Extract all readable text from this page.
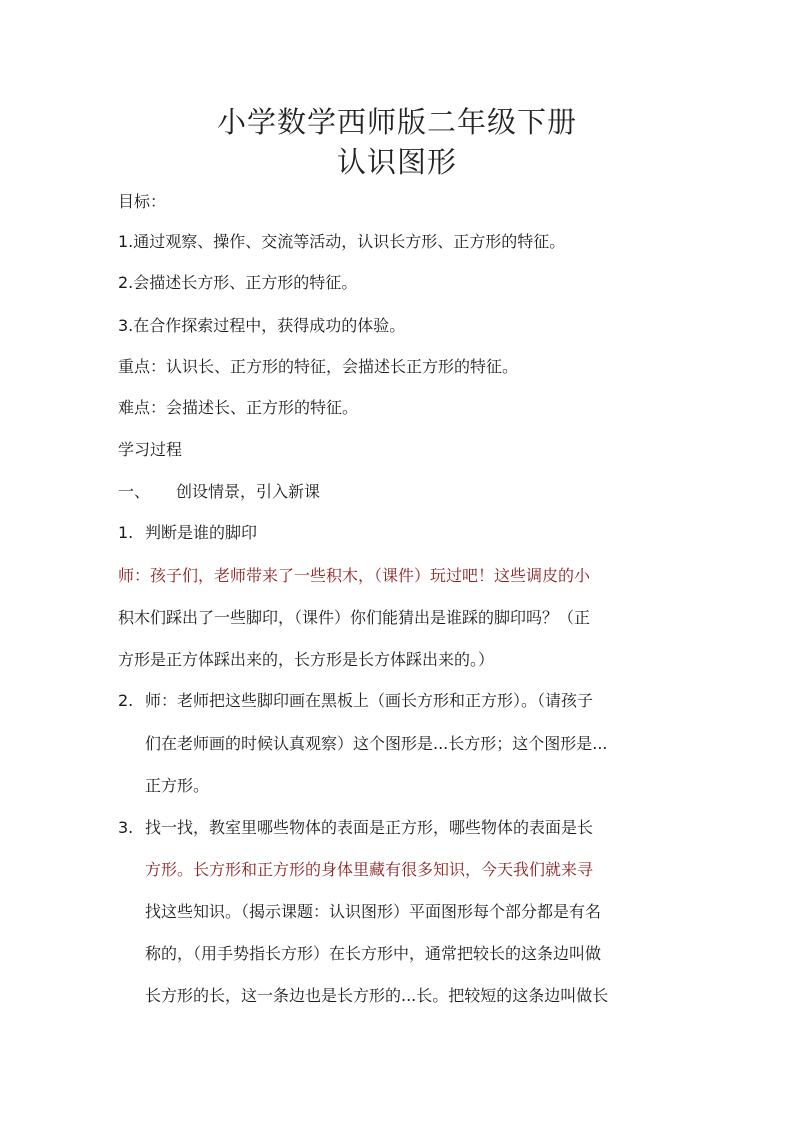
小学数学西师版二年级下册
认识图形
目标：
1.通过观察、操作、交流等活动，认识长方形、正方形的特征。
2.会描述长方形、正方形的特征。
3.在合作探索过程中，获得成功的体验。
重点：认识长、正方形的特征，会描述长正方形的特征。
难点：会描述长、正方形的特征。
学习过程
一、 创设情景，引入新课
1. 判断是谁的脚印
师：孩子们，老师带来了一些积木，（课件）玩过吧！这些调皮的小
积木们踩出了一些脚印，（课件）你们能猜出是谁踩的脚印吗？（正
方形是正方体踩出来的，长方形是长方体踩出来的。）
2. 师：老师把这些脚印画在黑板上（画长方形和正方形）。（请孩子
们在老师画的时候认真观察）这个图形是...长方形；这个图形是...
正方形。
3. 找一找，教室里哪些物体的表面是正方形，哪些物体的表面是长
方形。长方形和正方形的身体里藏有很多知识，今天我们就来寻
找这些知识。（揭示课题：认识图形）平面图形每个部分都是有名
称的，（用手势指长方形）在长方形中，通常把较长的这条边叫做
长方形的长，这一条边也是长方形的...长。把较短的这条边叫做长
